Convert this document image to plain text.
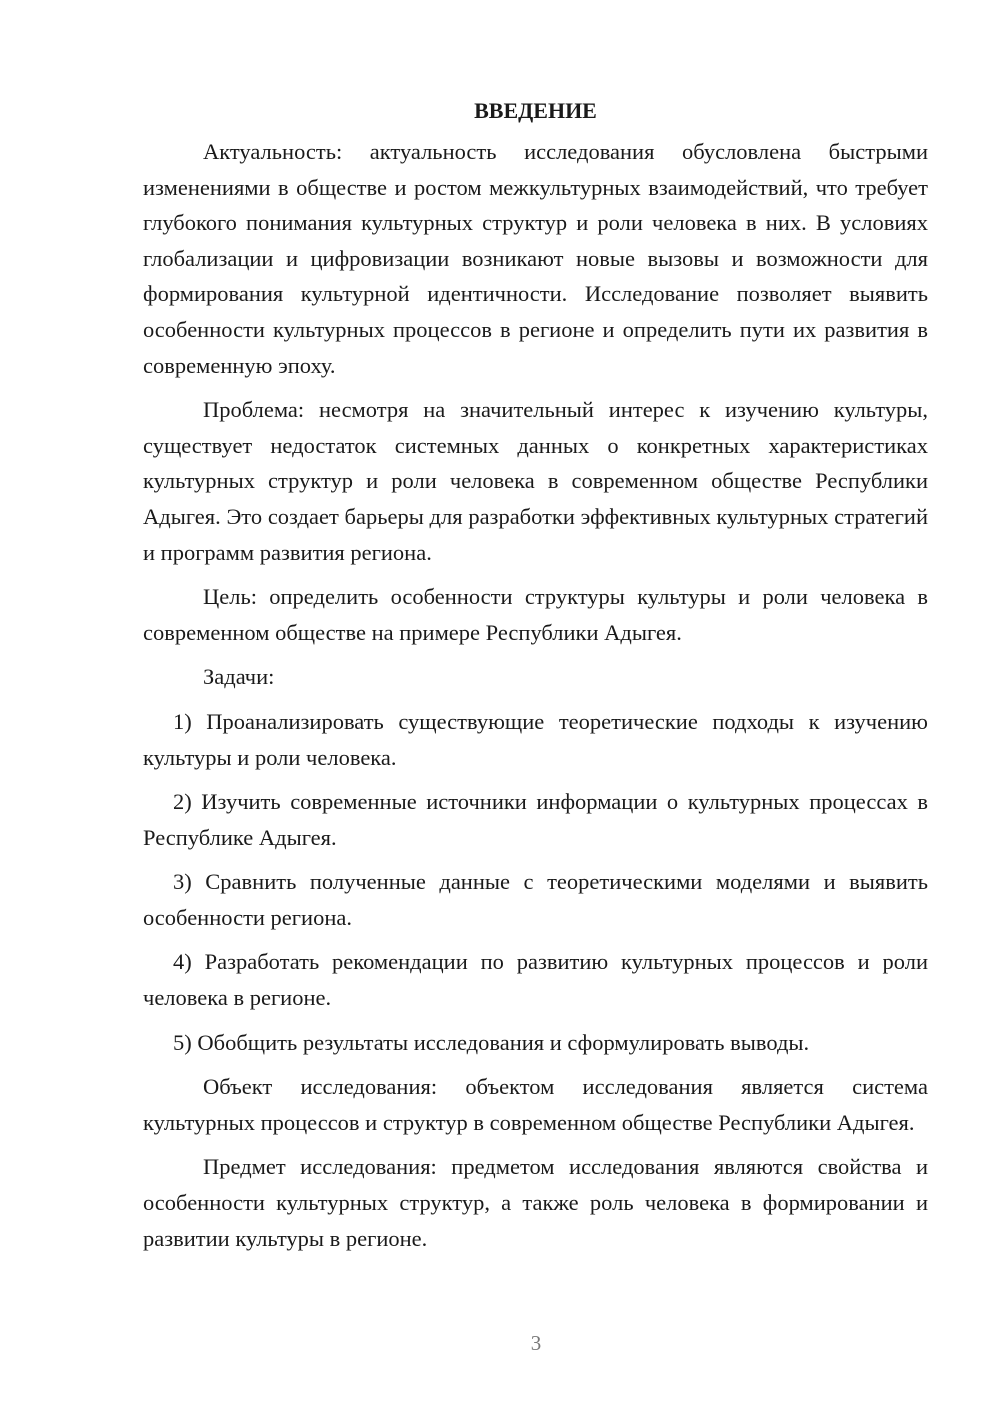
ВВЕДЕНИЕ

Актуальность: актуальность исследования обусловлена быстрыми изменениями в обществе и ростом межкультурных взаимодействий, что требует глубокого понимания культурных структур и роли человека в них. В условиях глобализации и цифровизации возникают новые вызовы и возможности для формирования культурной идентичности. Исследование позволяет выявить особенности культурных процессов в регионе и определить пути их развития в современную эпоху.

Проблема: несмотря на значительный интерес к изучению культуры, существует недостаток системных данных о конкретных характеристиках культурных структур и роли человека в современном обществе Республики Адыгея. Это создает барьеры для разработки эффективных культурных стратегий и программ развития региона.

Цель: определить особенности структуры культуры и роли человека в современном обществе на примере Республики Адыгея.

Задачи:

1) Проанализировать существующие теоретические подходы к изучению культуры и роли человека.

2) Изучить современные источники информации о культурных процессах в Республике Адыгея.

3) Сравнить полученные данные с теоретическими моделями и выявить особенности региона.

4) Разработать рекомендации по развитию культурных процессов и роли человека в регионе.

5) Обобщить результаты исследования и сформулировать выводы.

Объект исследования: объектом исследования является система культурных процессов и структур в современном обществе Республики Адыгея.

Предмет исследования: предметом исследования являются свойства и особенности культурных структур, а также роль человека в формировании и развитии культуры в регионе.

3
